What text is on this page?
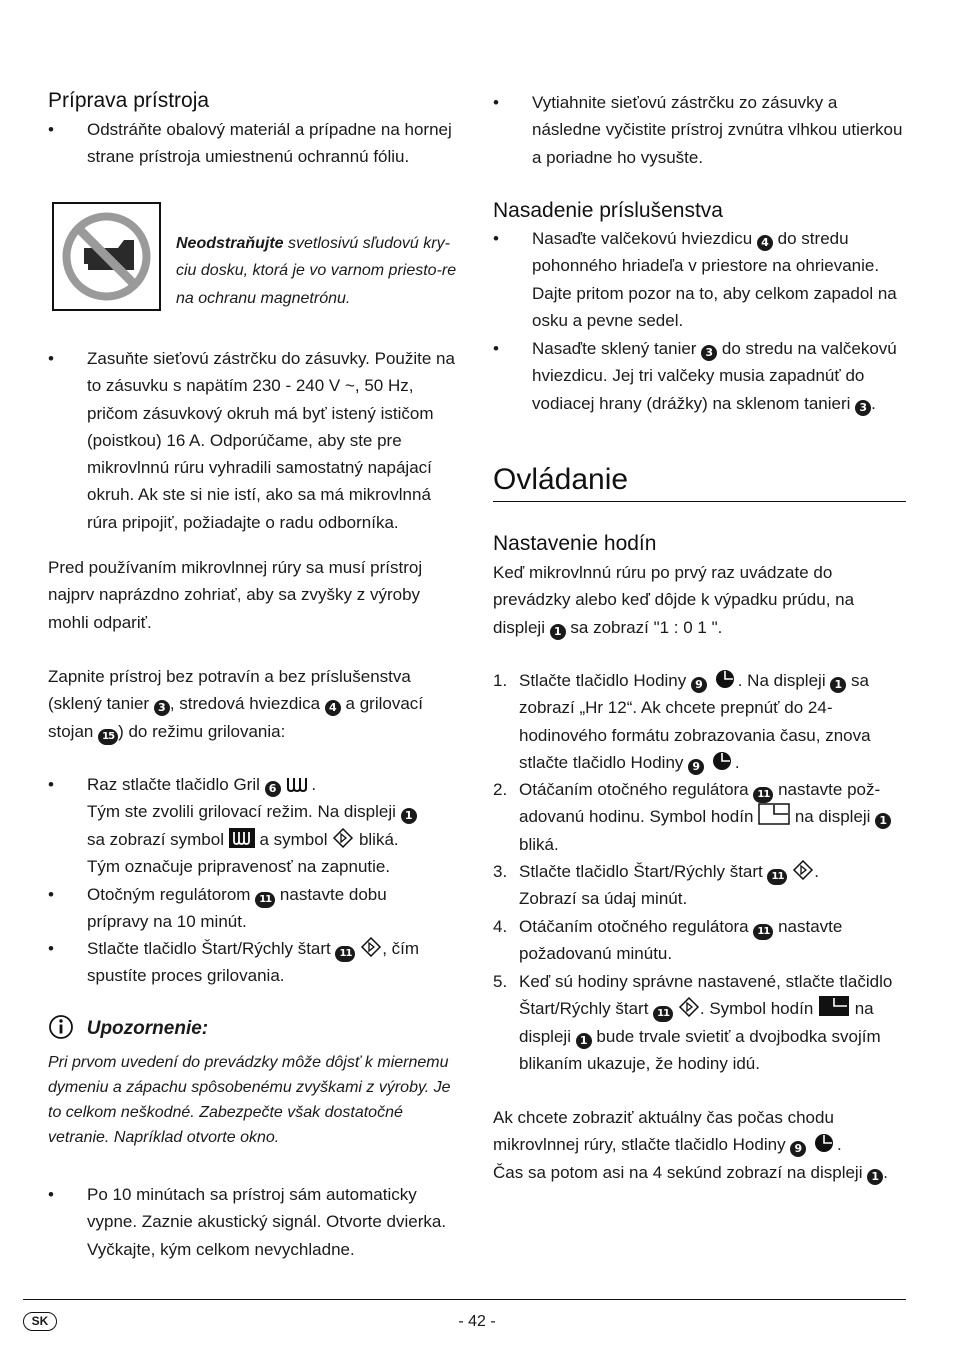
Príprava prístroja
•	Odstráňte obalový materiál a prípadne na hornej strane prístroja umiestnenú ochrannú fóliu.
Neodstraňujte svetlosivú sľudovú kry-ciu dosku, ktorá je vo varnom priesto-re na ochranu magnetrónu.
•	Zasuňte sieťovú zástrčku do zásuvky. Použite na to zásuvku s napätím 230 - 240 V ~, 50 Hz, pričom zásuvkový okruh má byť istený ističom (poistkou) 16 A. Odporúčame, aby ste pre mikrovlnnú rúru vyhradili samostatný napájací okruh. Ak ste si nie istí, ako sa má mikrovlnná rúra pripojiť, požiadajte o radu odborníka.
Pred používaním mikrovlnnej rúry sa musí prístroj najprv naprázdno zohriať, aby sa zvyšky z výroby mohli odpariť.
Zapnite prístroj bez potravín a bez príslušenstva (sklený tanier 3 , stredová hviezdica 4 a grilovací stojan 15 ) do režimu grilovania:
•	Raz stlačte tlačidlo Gril 6 .
Tým ste zvolili grilovací režim. Na displeji 1
sa zobrazí symbol  a symbol  bliká.
Tým označuje pripravenosť na zapnutie.
•	Otočným regulátorom 11 nastavte dobu
prípravy na 10 minút.
•	Stlačte tlačidlo Štart/Rýchly štart 11 , čím
spustíte proces grilovania.
Upozornenie:
Pri prvom uvedení do prevádzky môže dôjsť k miernemu dymeniu a zápachu spôsobenému zvyškami z výroby. Je to celkom neškodné. Zabezpečte však dostatočné vetranie. Napríklad otvorte okno.
•	Po 10 minútach sa prístroj sám automaticky vypne. Zaznie akustický signál. Otvorte dvierka. Vyčkajte, kým celkom nevychladne.
•	Vytiahnite sieťovú zástrčku zo zásuvky a následne vyčistite prístroj zvnútra vlhkou utierkou a poriadne ho vysušte.
Nasadenie príslušenstva
•	Nasaďte valčekovú hviezdicu 4 do stredu pohonného hriadeľa v priestore na ohrievanie. Dajte pritom pozor na to, aby celkom zapadol na osku a pevne sedel.
•	Nasaďte sklený tanier 3 do stredu na valčekovú hviezdicu. Jej tri valčeky musia zapadnúť do vodiacej hrany (drážky) na sklenom tanieri 3 .
Ovládanie
Nastavenie hodín
Keď mikrovlnnú rúru po prvý raz uvádzate do prevádzky alebo keď dôjde k výpadku prúdu, na displeji 1 sa zobrazí "1 : 0 1 ".
1. Stlačte tlačidlo Hodiny 9 . Na displeji 1 sa zobrazí „Hr 12“. Ak chcete prepnúť do 24-hodinového formátu zobrazovania času, znova stlačte tlačidlo Hodiny 9 .
2. Otáčaním otočného regulátora 11 nastavte pož-adovanú hodinu. Symbol hodín  na displeji 1 bliká.
3. Stlačte tlačidlo Štart/Rýchly štart 11 .
Zobrazí sa údaj minút.
4. Otáčaním otočného regulátora 11 nastavte
požadovanú minútu.
5. Keď sú hodiny správne nastavené, stlačte tlačidlo
Štart/Rýchly štart 11 . Symbol hodín  na
displeji 1 bude trvale svietiť a dvojbodka svojím
blikaním ukazuje, že hodiny idú.
Ak chcete zobraziť aktuálny čas počas chodu
mikrovlnnej rúry, stlačte tlačidlo Hodiny 9 .
Čas sa potom asi na 4 sekúnd zobrazí na displeji 1 .
SK	- 42 -
